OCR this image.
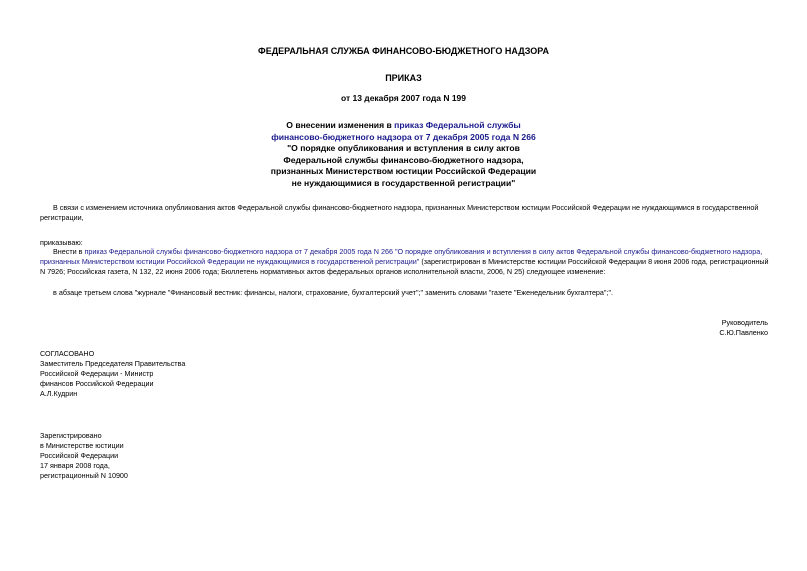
ФЕДЕРАЛЬНАЯ СЛУЖБА ФИНАНСОВО-БЮДЖЕТНОГО НАДЗОРА
ПРИКАЗ
от 13 декабря 2007 года N 199
О внесении изменения в приказ Федеральной службы
финансово-бюджетного надзора от 7 декабря 2005 года N 266
"О порядке опубликования и вступления в силу актов
Федеральной службы финансово-бюджетного надзора,
признанных Министерством юстиции Российской Федерации
не нуждающимися в государственной регистрации"
В связи с изменением источника опубликования актов Федеральной службы финансово-бюджетного надзора, признанных Министерством юстиции Российской Федерации не нуждающимися в государственной регистрации,
приказываю:
Внести в приказ Федеральной службы финансово-бюджетного надзора от 7 декабря 2005 года N 266 "О порядке опубликования и вступления в силу актов Федеральной службы финансово-бюджетного надзора, признанных Министерством юстиции Российской Федерации не нуждающимися в государственной регистрации" (зарегистрирован в Министерстве юстиции Российской Федерации 8 июня 2006 года, регистрационный N 7926; Российская газета, N 132, 22 июня 2006 года; Бюллетень нормативных актов федеральных органов исполнительной власти, 2006, N 25) следующее изменение:
в абзаце третьем слова "журнале "Финансовый вестник: финансы, налоги, страхование, бухгалтерский учет";" заменить словами "газете "Еженедельник бухгалтера";".
Руководитель
С.Ю.Павленко
СОГЛАСОВАНО
Заместитель Председателя Правительства
Российской Федерации - Министр
финансов Российской Федерации
А.Л.Кудрин
Зарегистрировано
в Министерстве юстиции
Российской Федерации
17 января 2008 года,
регистрационный N 10900
